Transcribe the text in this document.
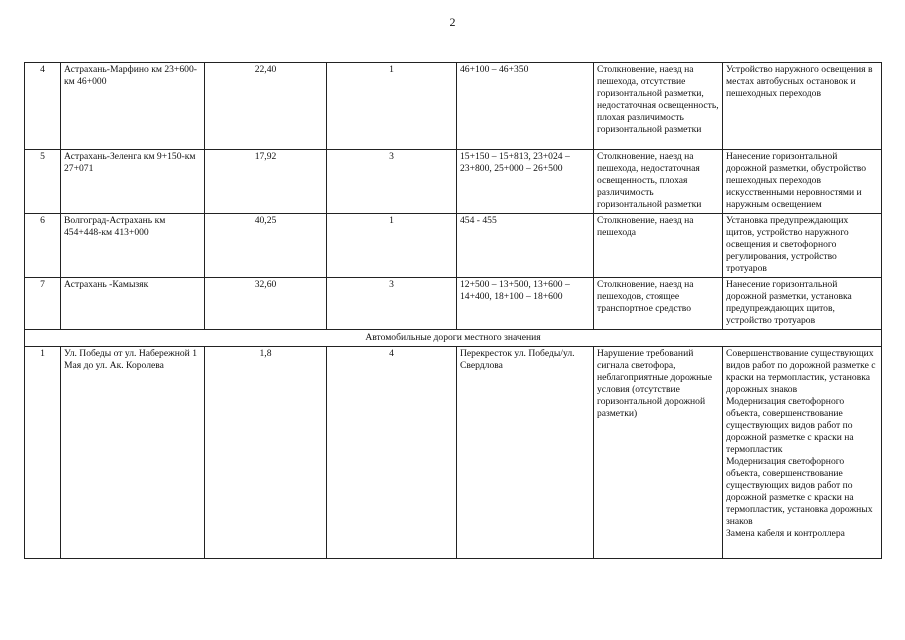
2
4	Астрахань-Марфино км 23+600-км 46+000	22,40	1	46+100 – 46+350	Столкновение, наезд на пешехода, отсутствие горизонтальной разметки, недостаточная освещенность, плохая различимость горизонтальной разметки	Устройство наружного освещения в местах автобусных остановок и пешеходных переходов
5	Астрахань-Зеленга км 9+150-км 27+071	17,92	3	15+150 – 15+813, 23+024 – 23+800, 25+000 – 26+500	Столкновение, наезд на пешехода, недостаточная освещенность, плохая различимость горизонтальной разметки	Нанесение горизонтальной дорожной разметки, обустройство пешеходных переходов искусственными неровностями и наружным освещением
6	Волгоград-Астрахань км 454+448-км 413+000	40,25	1	454 - 455	Столкновение, наезд на пешехода	Установка предупреждающих щитов, устройство наружного освещения и светофорного регулирования, устройство тротуаров
7	Астрахань -Камызяк	32,60	3	12+500 – 13+500, 13+600 – 14+400, 18+100 – 18+600	Столкновение, наезд на пешеходов, стоящее транспортное средство	Нанесение горизонтальной дорожной разметки, установка предупреждающих щитов, устройство тротуаров
Автомобильные дороги местного значения						
1	Ул. Победы от ул. Набережной 1 Мая до ул. Ак. Королева	1,8	4	Перекресток ул. Победы/ул. Свердлова	Нарушение требований сигнала светофора, неблагоприятные дорожные условия (отсутствие горизонтальной дорожной разметки)	Совершенствование существующих видов работ по дорожной разметке с краски на термопластик, установка дорожных знаков
Модернизация светофорного объекта, совершенствование существующих видов работ по дорожной разметке с краски на термопластик
Модернизация светофорного объекта, совершенствование существующих видов работ по дорожной разметке с краски на термопластик, установка дорожных знаков
Замена кабеля и контроллера
